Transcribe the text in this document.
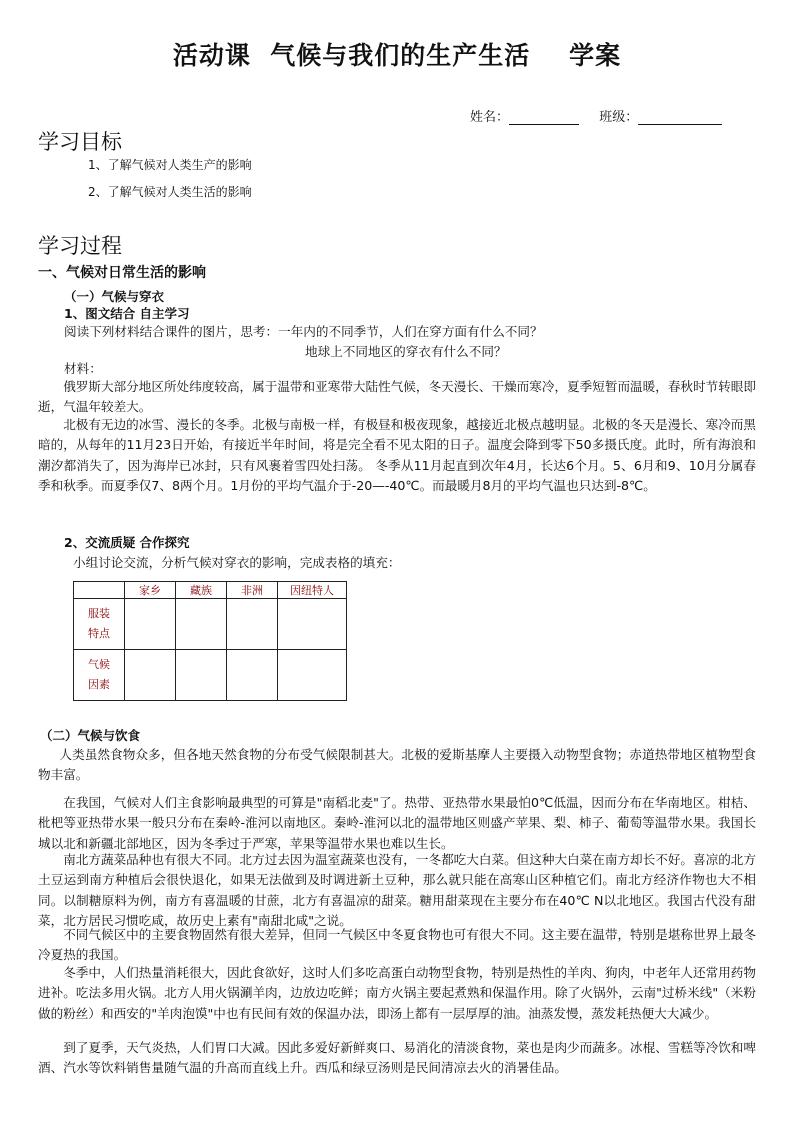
活动课  气候与我们的生产生活    学案
姓名：	班级：
学习目标
1、了解气候对人类生产的影响
2、了解气候对人类生活的影响
学习过程
一、气候对日常生活的影响
（一）气候与穿衣
1、图文结合 自主学习
阅读下列材料结合课件的图片，思考：一年内的不同季节，人们在穿方面有什么不同？
地球上不同地区的穿衣有什么不同？
材料：
俄罗斯大部分地区所处纬度较高，属于温带和亚寒带大陆性气候，冬天漫长、干燥而寒冷，夏季短暂而温暖，春秋时节转眼即逝，气温年较差大。
北极有无边的冰雪、漫长的冬季。北极与南极一样，有极昼和极夜现象，越接近北极点越明显。北极的冬天是漫长、寒冷而黑暗的，从每年的11月23日开始，有接近半年时间，将是完全看不见太阳的日子。温度会降到零下50多摄氏度。此时，所有海浪和潮汐都消失了，因为海岸已冰封，只有风裹着雪四处扫荡。 冬季从11月起直到次年4月，长达6个月。5、6月和9、10月分属春季和秋季。而夏季仅7、8两个月。1月份的平均气温介于-20—-40℃。而最暖月8月的平均气温也只达到-8℃。
2、交流质疑 合作探究
小组讨论交流，分析气候对穿衣的影响，完成表格的填充：
	家乡	藏族	非洲	因纽特人

服装
特点				

气候
因素				

（二）气候与饮食
人类虽然食物众多，但各地天然食物的分布受气候限制甚大。北极的爱斯基摩人主要摄入动物型食物；赤道热带地区植物型食物丰富。
在我国，气候对人们主食影响最典型的可算是"南稻北麦"了。热带、亚热带水果最怕0℃低温，因而分布在华南地区。柑桔、枇杷等亚热带水果一般只分布在秦岭-淮河以南地区。秦岭-淮河以北的温带地区则盛产苹果、梨、柿子、葡萄等温带水果。我国长城以北和新疆北部地区，因为冬季过于严寒，苹果等温带水果也难以生长。
南北方蔬菜品种也有很大不同。北方过去因为温室蔬菜也没有，一冬都吃大白菜。但这种大白菜在南方却长不好。喜凉的北方土豆运到南方种植后会很快退化，如果无法做到及时调进新土豆种，那么就只能在高寒山区种植它们。南北方经济作物也大不相同。以制糖原料为例，南方有喜温暖的甘蔗，北方有喜温凉的甜菜。糖用甜菜现在主要分布在40℃ N以北地区。我国古代没有甜菜，北方居民习惯吃咸，故历史上素有"南甜北咸"之说。
不同气候区中的主要食物固然有很大差异，但同一气候区中冬夏食物也可有很大不同。这主要在温带，特别是堪称世界上最冬冷夏热的我国。
冬季中，人们热量消耗很大，因此食欲好，这时人们多吃高蛋白动物型食物，特别是热性的羊肉、狗肉，中老年人还常用药物进补。吃法多用火锅。北方人用火锅涮羊肉，边放边吃鲜；南方火锅主要起煮熟和保温作用。除了火锅外，云南"过桥米线"（米粉做的粉丝）和西安的"羊肉泡馍"中也有民间有效的保温办法，即汤上都有一层厚厚的油。油蒸发慢，蒸发耗热便大大减少。
到了夏季，天气炎热，人们胃口大减。因此多爱好新鲜爽口、易消化的清淡食物，菜也是肉少而蔬多。冰棍、雪糕等冷饮和啤酒、汽水等饮料销售量随气温的升高而直线上升。西瓜和绿豆汤则是民间清凉去火的消暑佳品。
